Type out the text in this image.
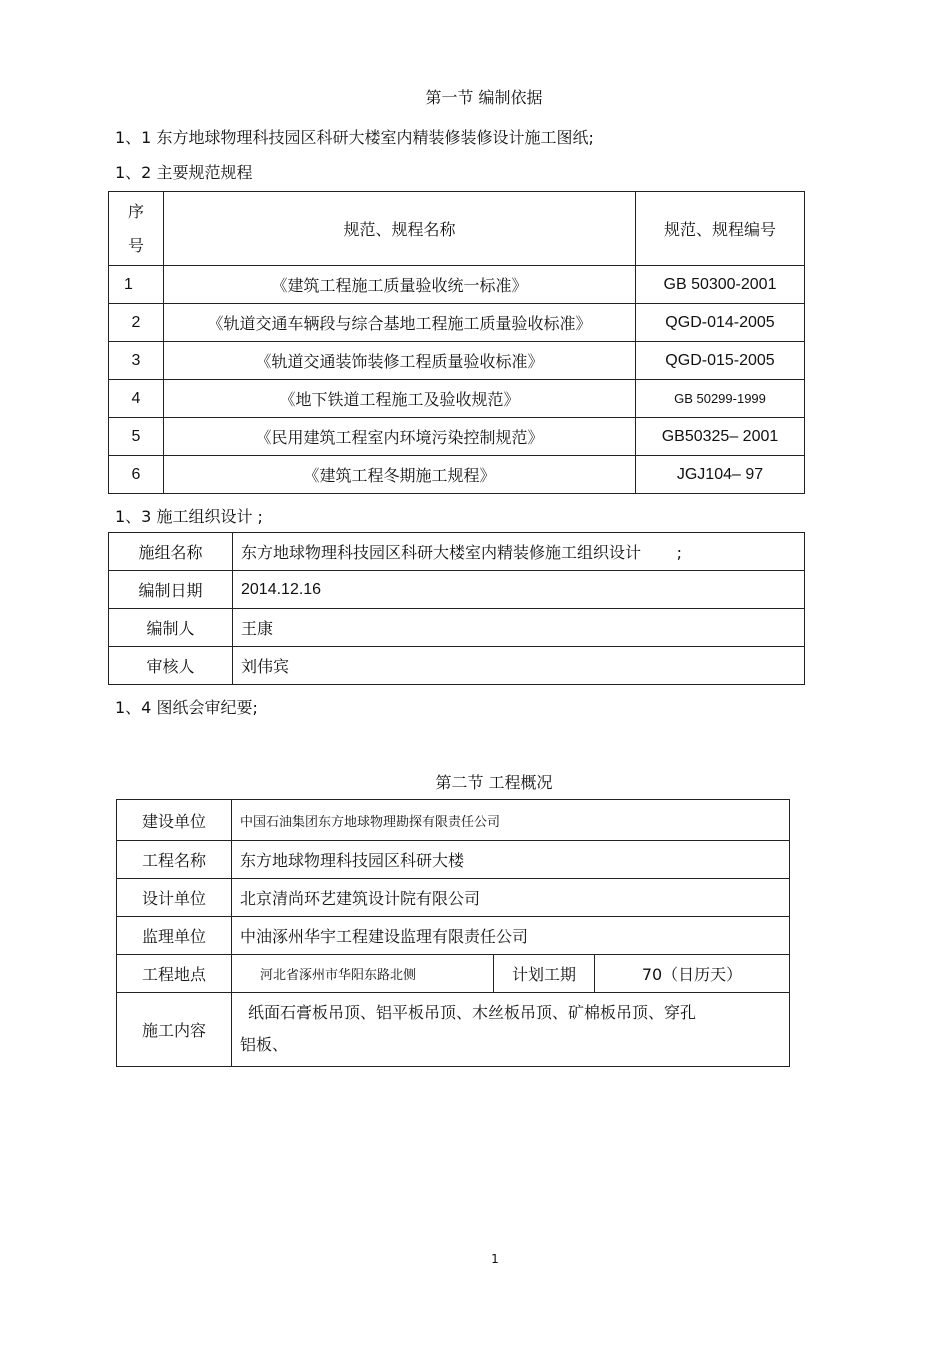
第一节 编制依据
1、1 东方地球物理科技园区科研大楼室内精装修装修设计施工图纸;
1、2 主要规范规程
序
号	规范、规程名称	规范、规程编号
1	《建筑工程施工质量验收统一标准》	GB 50300-2001
2	《轨道交通车辆段与综合基地工程施工质量验收标准》	QGD-014-2005
3	《轨道交通装饰装修工程质量验收标准》	QGD-015-2005
4	《地下铁道工程施工及验收规范》	GB 50299-1999
5	《民用建筑工程室内环境污染控制规范》	GB50325– 2001
6	《建筑工程冬期施工规程》	JGJ104– 97
1、3 施工组织设计 ;
施组名称	东方地球物理科技园区科研大楼室内精装修施工组织设计       ;
编制日期	2014.12.16
编制人	王康
审核人	刘伟宾
1、4 图纸会审纪要;
第二节 工程概况
建设单位	中国石油集团东方地球物理勘探有限责任公司		
工程名称	东方地球物理科技园区科研大楼		
设计单位	北京清尚环艺建筑设计院有限公司		
监理单位	中油涿州华宇工程建设监理有限责任公司		
工程地点	河北省涿州市华阳东路北侧	计划工期	70（日历天）
施工内容	纸面石膏板吊顶、铝平板吊顶、木丝板吊顶、矿棉板吊顶、穿孔
铝板、		
1
